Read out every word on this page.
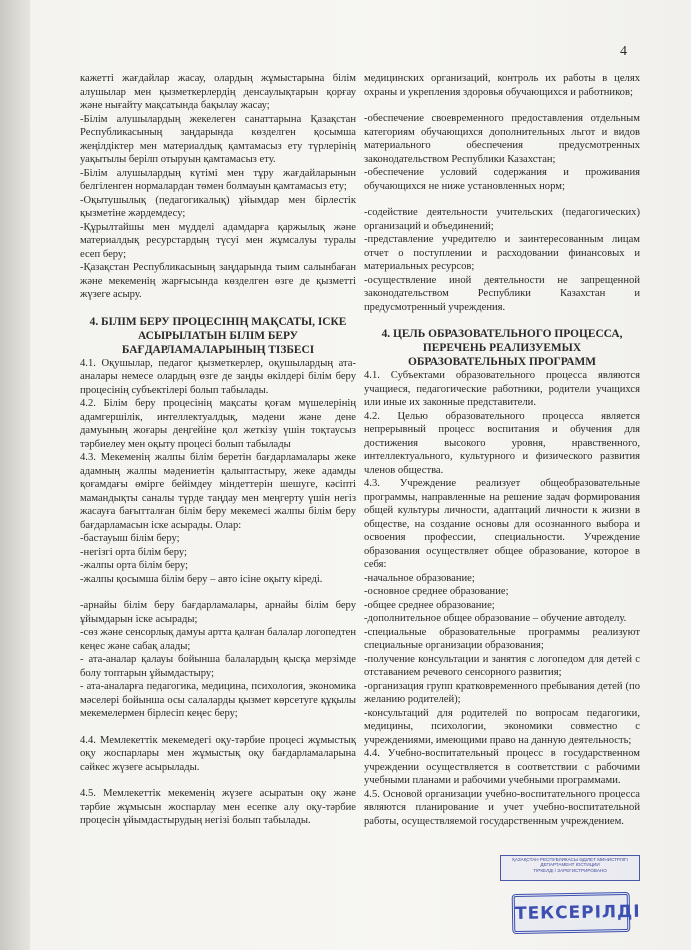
4

кажетті жағдайлар жасау, олардың жұмыстарына білім алушылар мен қызметкерлердің денсаулықтарын қорғау және нығайту мақсатында бақылау жасау;

-Білім алушылардың жекелеген санаттарына Қазақстан Республикасының заңдарында көзделген қосымша жеңілдіктер мен материалдық қамтамасыз ету түрлерінің уақытылы берілп отыруын қамтамасыз ету.

-Білім алушылардың күтімі мен тұру жағдайларынын белгіленген нормалардан төмен болмауын қамтамасыз ету;

-Оқытушылық (педагогикалық) ұйымдар мен бірлестік қызметіне жәрдемдесу;

-Құрылтайшы мен мүдделі адамдарға қаржылық және материалдық ресурстардың түсуі мен жұмсалуы туралы есеп беру;

-Қазақстан Республикасының заңдарында тыим салынбаған және мекеменің жарғысында көзделген өзге де қызметті жүзеге асыру.

4. БІЛІМ БЕРУ ПРОЦЕСІНІҢ МАҚСАТЫ, ІСКЕ АСЫРЫЛАТЫН БІЛІМ БЕРУ БАҒДАРЛАМАЛАРЫНЫҢ ТІЗБЕСІ

4.1. Оқушылар, педагог қызметкерлер, оқушылардың ата-аналары немесе олардың өзге де заңды өкілдері білім беру процесінің субъектілері болып табылады.

4.2. Білім беру процесінің мақсаты қоғам мүшелерінің адамгершілік, интеллектуалдық, мәдени және дене дамуының жоғары деңгейіне қол жеткізу үшін тоқтаусыз тәрбиелеу мен оқыту процесі болып табылады

4.3. Мекеменің жалпы білім беретін бағдарламалары жеке адамның жалпы мәдениетін қалыптастыру, жеке адамды қоғамдағы өмірге бейімдеу міндеттерін шешуге, кәсіпті мамандықты саналы түрде таңдау мен меңгерту үшін негіз жасауға бағытталған білім беру мекемесі жалпы білім беру бағдарламасын іске асырады. Олар:

-бастауыш білім беру;

-негізгі орта білім беру;

-жалпы орта білім беру;

-жалпы қосымша білім беру – авто ісіне оқыту кіреді.

-арнайы білім беру бағдарламалары, арнайы білім беру ұйымдарын іске асырады;

-сөз және сенсорлық дамуы артта қалған балалар логопедтен кеңес және сабақ алады;

- ата-аналар қалауы бойынша балалардың қысқа мерзімде болу топтарын ұйымдастыру;

- ата-аналарға педагогика, медицина, психология, экономика мәселері бойынша осы салаларды қызмет көрсетуге құқылы мекемелермен бірлесіп кеңес беру;

4.4. Мемлекеттік мекемедегі оқу-тәрбие процесі жұмыстық оқу жоспарлары мен жұмыстық оқу бағдарламаларына сәйкес жүзеге асырылады.

4.5. Мемлекеттік мекеменің жүзеге асыратын оқу және тәрбие жұмысын жоспарлау мен есепке алу оқу-тәрбие процесін ұйымдастырудың негізі болып табылады.

медицинских организаций, контроль их работы в целях охраны и укрепления здоровья обучающихся и работников;

-обеспечение своевременного предоставления отдельным категориям обучающихся дополнительных льгот и видов материального обеспечения предусмотренных законодательством Республики Казахстан;

-обеспечение условий содержания и проживания обучающихся не ниже установленных норм;

-содействие деятельности учительских (педагогических) организаций и объединений;

-представление учредителю и заинтересованным лицам отчет о поступлении и расходовании финансовых и материальных ресурсов;

-осуществление иной деятельности не запрещенной законодательством Республики Казахстан и предусмотренный учреждения.

4. ЦЕЛЬ ОБРАЗОВАТЕЛЬНОГО ПРОЦЕССА, ПЕРЕЧЕНЬ РЕАЛИЗУЕМЫХ ОБРАЗОВАТЕЛЬНЫХ ПРОГРАММ

4.1. Субъектами образовательного процесса являются учащиеся, педагогические работники, родители учащихся или иные их законные представители.

4.2. Целью образовательного процесса является непрерывный процесс воспитания и обучения для достижения высокого уровня, нравственного, интеллектуального, культурного и физического развития членов общества.

4.3. Учреждение реализует общеобразовательные программы, направленные на решение задач формирования общей культуры личности, адаптаций личности к жизни в обществе, на создание основы для осознанного выбора и освоения профессии, специальности. Учреждение образования осуществляет общее образование, которое в себя:

-начальное образование;

-основное среднее образование;

-общее среднее образование;

-дополнительное общее образование – обучение автоделу.

-специальные образовательные программы реализуют специальные организации образования;

-получение консультации и занятия с логопедом для детей с отставанием речевого сенсорного развития;

-организация групп кратковременного пребывания детей (по желанию родителей);

-консультаций для родителей по вопросам педагогики, медицины, психологии, экономики совместно с учреждениями, имеющими право на данную деятельность;

4.4. Учебно-воспитательный процесс в государственном учреждении осуществляется в соответствии с рабочими учебными планами и рабочими учебными программами.

4.5. Основой организации учебно-воспитательного процесса являются планирование и учет учебно-воспитательной работы, осуществляемой государственным учреждением.

ҚАЗАҚСТАН РЕСПУБЛИКАСЫ ӘДІЛЕТ МИНИСТРЛІГІ
ДЕПАРТАМЕНТ ЮСТИЦИИ
ТІРКЕЛДІ / ЗАРЕГИСТРИРОВАНО
ТЕКСЕРІЛДІ
